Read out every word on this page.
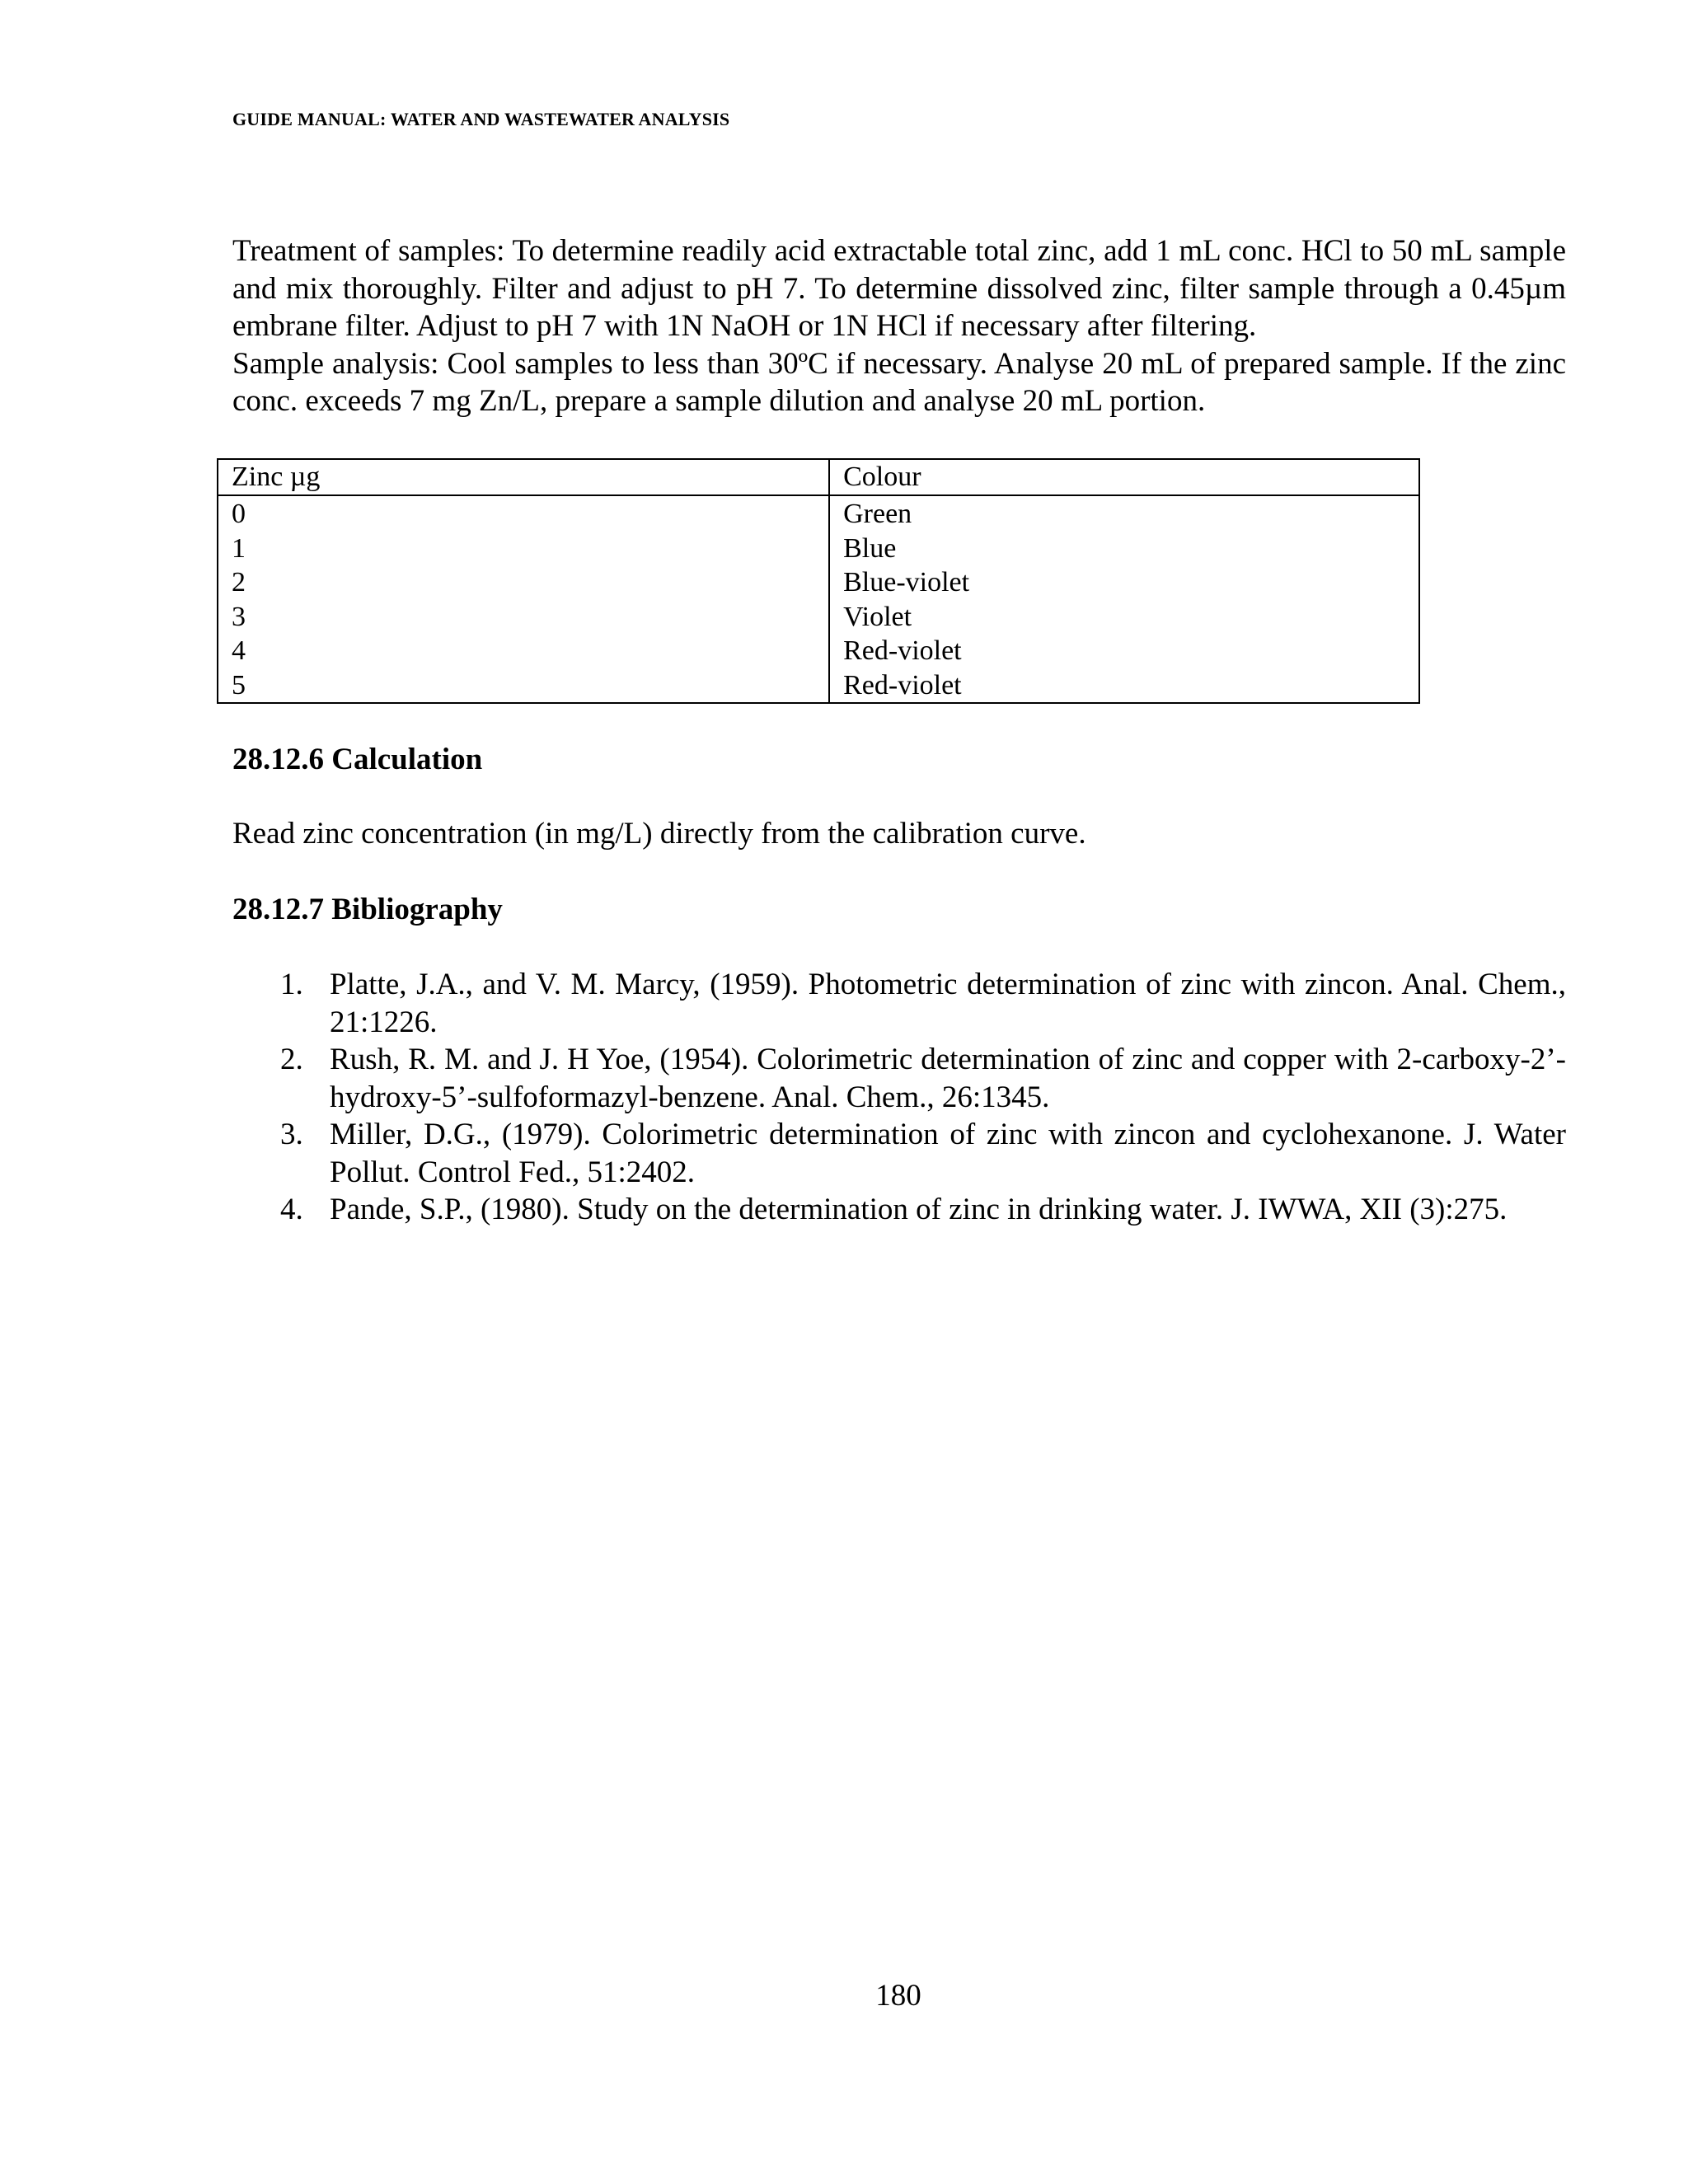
GUIDE MANUAL: WATER AND WASTEWATER ANALYSIS

Treatment of samples: To determine readily acid extractable total zinc, add 1 mL conc. HCl to 50 mL sample and mix thoroughly. Filter and adjust to pH 7. To determine dissolved zinc, filter sample through a 0.45µm embrane filter. Adjust to pH 7 with 1N NaOH or 1N HCl if necessary after filtering.

Sample analysis: Cool samples to less than 30ºC if necessary. Analyse 20 mL of prepared sample. If the zinc conc. exceeds 7 mg Zn/L, prepare a sample dilution and analyse 20 mL portion.

Zinc µg	Colour
0	Green
1	Blue
2	Blue-violet
3	Violet
4	Red-violet
5	Red-violet
28.12.6 Calculation

Read zinc concentration (in mg/L) directly from the calibration curve.

28.12.7 Bibliography
1. Platte, J.A., and V. M. Marcy, (1959). Photometric determination of zinc with zincon. Anal. Chem., 21:1226.
2. Rush, R. M. and J. H Yoe, (1954). Colorimetric determination of zinc and copper with 2-carboxy-2’-hydroxy-5’-sulfoformazyl-benzene. Anal. Chem., 26:1345.
3. Miller, D.G., (1979). Colorimetric determination of zinc with zincon and cyclohexanone. J. Water Pollut. Control Fed., 51:2402.
4. Pande, S.P., (1980). Study on the determination of zinc in drinking water. J. IWWA, XII (3):275.
180
